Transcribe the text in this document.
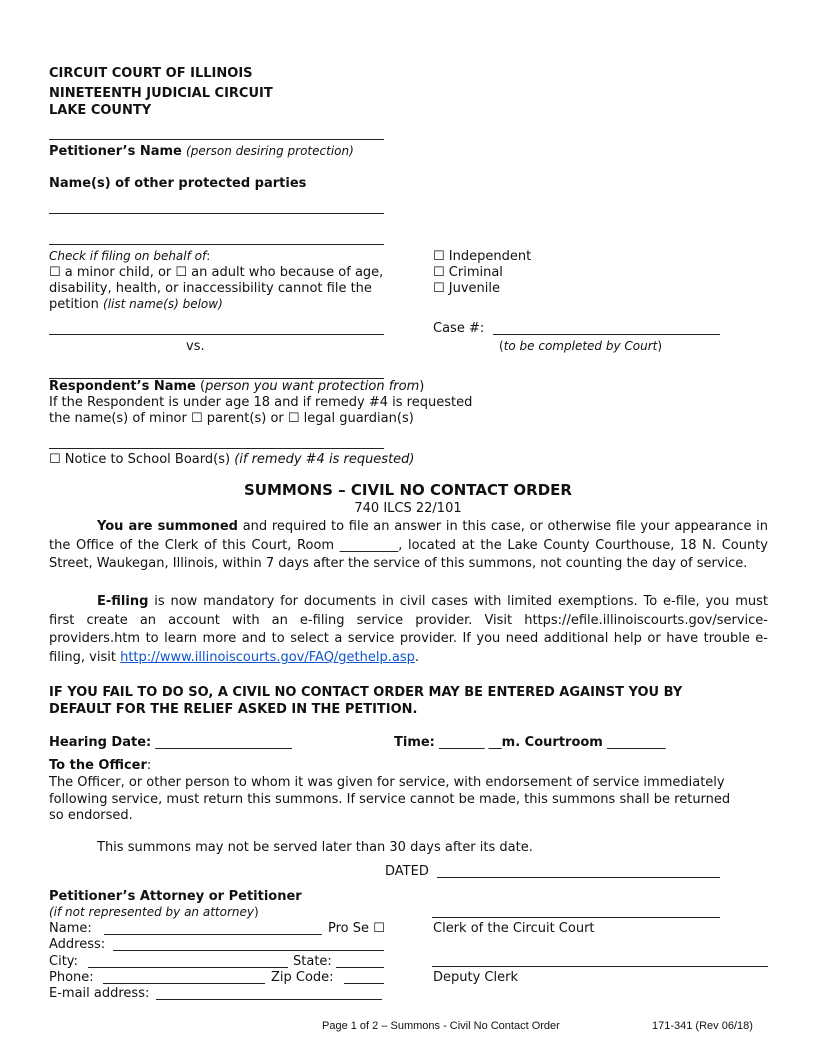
CIRCUIT COURT OF ILLINOIS
NINETEENTH JUDICIAL CIRCUIT
LAKE COUNTY
Petitioner’s Name (person desiring protection)
Name(s) of other protected parties
Check if filing on behalf of:
☐ a minor child, or ☐ an adult who because of age,
disability, health, or inaccessibility cannot file the
petition (list name(s) below)
☐ Independent
☐ Criminal
☐ Juvenile
Case #:
(to be completed by Court)
vs.
Respondent’s Name (person you want protection from)
If the Respondent is under age 18 and if remedy #4 is requested
the name(s) of minor ☐ parent(s) or ☐ legal guardian(s)
☐ Notice to School Board(s) (if remedy #4 is requested)
SUMMONS – CIVIL NO CONTACT ORDER
740 ILCS 22/101
You are summoned and required to file an answer in this case, or otherwise file your appearance in the Office of the Clerk of this Court, Room _________, located at the Lake County Courthouse, 18 N. County Street, Waukegan, Illinois, within 7 days after the service of this summons, not counting the day of service.
E-filing is now mandatory for documents in civil cases with limited exemptions. To e-file, you must first create an account with an e-filing service provider. Visit https://efile.illinoiscourts.gov/service-providers.htm to learn more and to select a service provider. If you need additional help or have trouble e-filing, visit http://www.illinoiscourts.gov/FAQ/gethelp.asp.
IF YOU FAIL TO DO SO, A CIVIL NO CONTACT ORDER MAY BE ENTERED AGAINST YOU BY
DEFAULT FOR THE RELIEF ASKED IN THE PETITION.
Hearing Date: _____________________	Time: _______ __m. Courtroom _________
To the Officer:
The Officer, or other person to whom it was given for service, with endorsement of service immediately
following service, must return this summons. If service cannot be made, this summons shall be returned
so endorsed.
This summons may not be served later than 30 days after its date.
DATED
Petitioner’s Attorney or Petitioner
(if not represented by an attorney)
Name:	Pro Se ☐
Address:
City:	State:
Phone:	Zip Code:
E-mail address:
Clerk of the Circuit Court
Deputy Clerk
Page 1 of 2 – Summons - Civil No Contact Order	171-341 (Rev 06/18)
